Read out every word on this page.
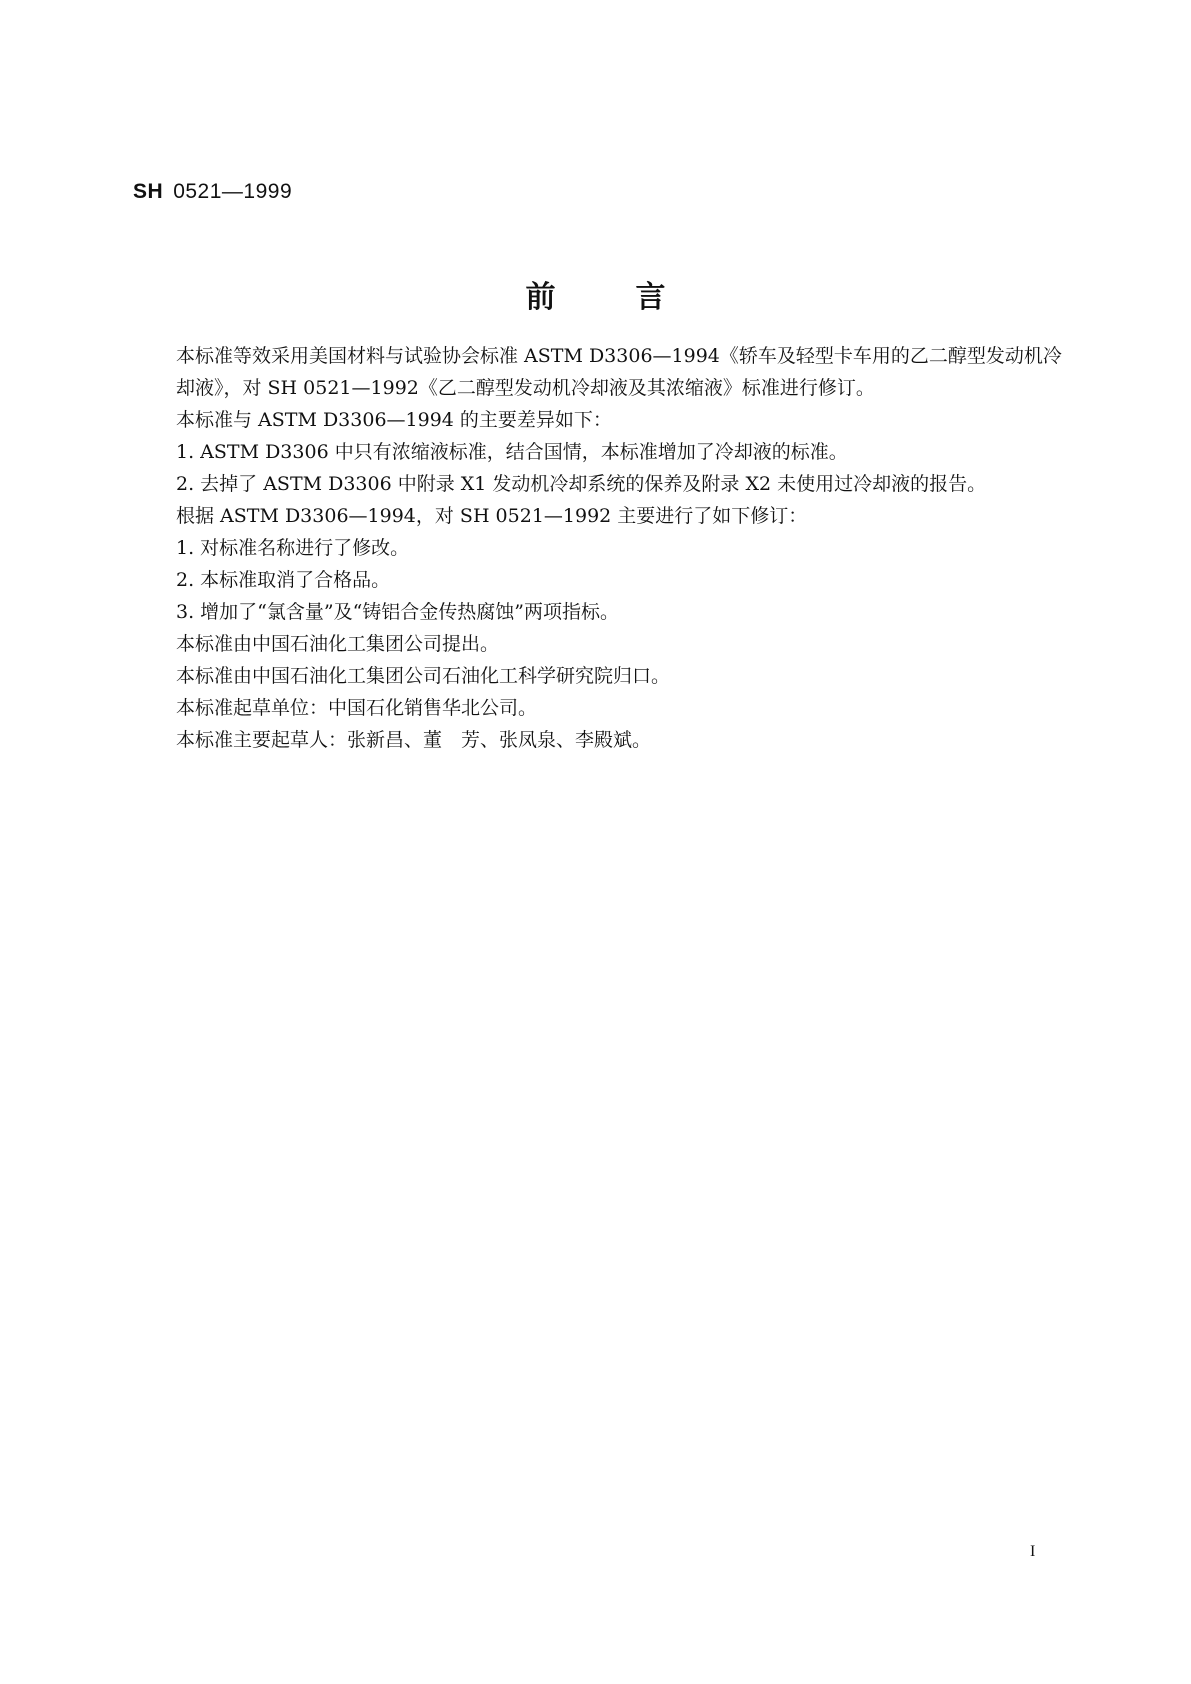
SH 0521—1999
前言

本标准等效采用美国材料与试验协会标准 ASTM D3306—1994《轿车及轻型卡车用的乙二醇型发动机冷却液》，对 SH 0521—1992《乙二醇型发动机冷却液及其浓缩液》标准进行修订。

本标准与 ASTM D3306—1994 的主要差异如下：

1. ASTM D3306 中只有浓缩液标准，结合国情，本标准增加了冷却液的标准。

2. 去掉了 ASTM D3306 中附录 X1 发动机冷却系统的保养及附录 X2 未使用过冷却液的报告。

根据 ASTM D3306—1994，对 SH 0521—1992 主要进行了如下修订：

1. 对标准名称进行了修改。

2. 本标准取消了合格品。

3. 增加了“氯含量”及“铸铝合金传热腐蚀”两项指标。

本标准由中国石油化工集团公司提出。

本标准由中国石油化工集团公司石油化工科学研究院归口。

本标准起草单位：中国石化销售华北公司。

本标准主要起草人：张新昌、董　芳、张凤泉、李殿斌。

I
